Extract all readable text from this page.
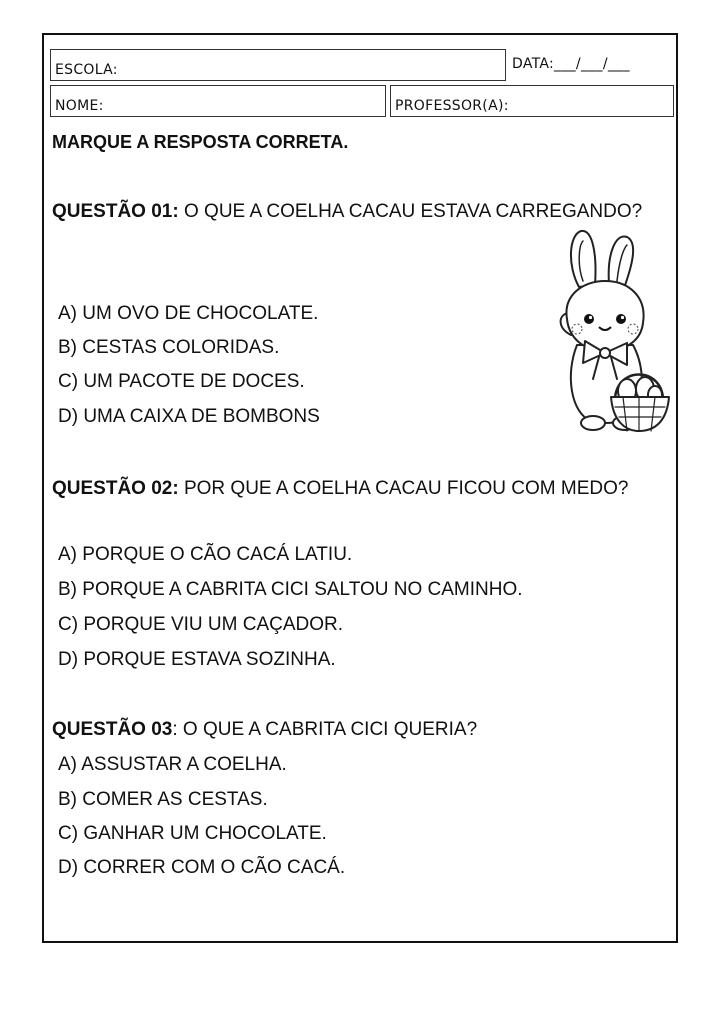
ESCOLA:	DATA:___/___/___
NOME:	PROFESSOR(A):
MARQUE A RESPOSTA CORRETA.

QUESTÃO 01: O QUE A COELHA CACAU ESTAVA CARREGANDO?

A) UM OVO DE CHOCOLATE.
B) CESTAS COLORIDAS.
C) UM PACOTE DE DOCES.
D) UMA CAIXA DE BOMBONS

QUESTÃO 02: POR QUE A COELHA CACAU FICOU COM MEDO?

A) PORQUE O CÃO CACÁ LATIU.
B) PORQUE A CABRITA CICI SALTOU NO CAMINHO.
C) PORQUE VIU UM CAÇADOR.
D) PORQUE ESTAVA SOZINHA.

QUESTÃO 03: O QUE A CABRITA CICI QUERIA?

A) ASSUSTAR A COELHA.
B) COMER AS CESTAS.
C) GANHAR UM CHOCOLATE.
D) CORRER COM O CÃO CACÁ.
